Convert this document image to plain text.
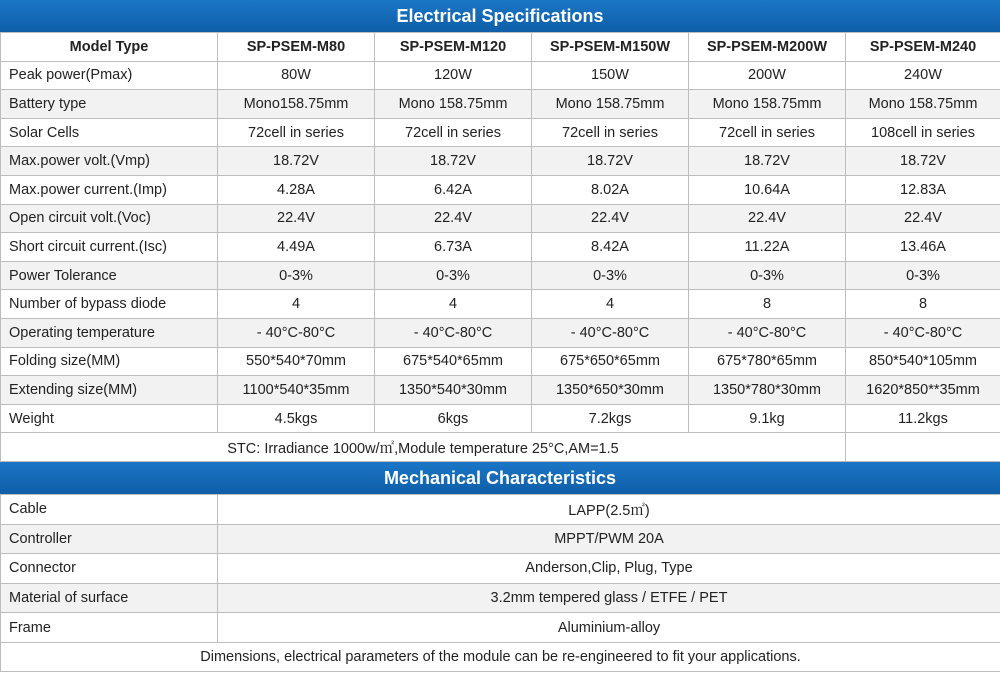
Electrical Specifications
Model Type	SP-PSEM-M80	SP-PSEM-M120	SP-PSEM-M150W	SP-PSEM-M200W	SP-PSEM-M240
Peak power(Pmax)	80W	120W	150W	200W	240W
Battery type	Mono158.75mm	Mono 158.75mm	Mono 158.75mm	Mono 158.75mm	Mono 158.75mm
Solar Cells	72cell in series	72cell in series	72cell in series	72cell in series	108cell in series
Max.power volt.(Vmp)	18.72V	18.72V	18.72V	18.72V	18.72V
Max.power current.(Imp)	4.28A	6.42A	8.02A	10.64A	12.83A
Open circuit volt.(Voc)	22.4V	22.4V	22.4V	22.4V	22.4V
Short circuit current.(Isc)	4.49A	6.73A	8.42A	11.22A	13.46A
Power Tolerance	0-3%	0-3%	0-3%	0-3%	0-3%
Number of bypass diode	4	4	4	8	8
Operating temperature	- 40°C-80°C	- 40°C-80°C	- 40°C-80°C	- 40°C-80°C	- 40°C-80°C
Folding size(MM)	550*540*70mm	675*540*65mm	675*650*65mm	675*780*65mm	850*540*105mm
Extending size(MM)	1100*540*35mm	1350*540*30mm	1350*650*30mm	1350*780*30mm	1620*850**35mm
Weight	4.5kgs	6kgs	7.2kgs	9.1kg	11.2kgs
STC: Irradiance 1000w/㎡,Module temperature 25°C,AM=1.5					
Mechanical Characteristics
Cable	LAPP(2.5㎡)
Controller	MPPT/PWM 20A
Connector	Anderson,Clip, Plug, Type
Material of surface	3.2mm tempered glass / ETFE / PET
Frame	Aluminium-alloy
Dimensions, electrical parameters of the module can be re-engineered to fit your applications.	
